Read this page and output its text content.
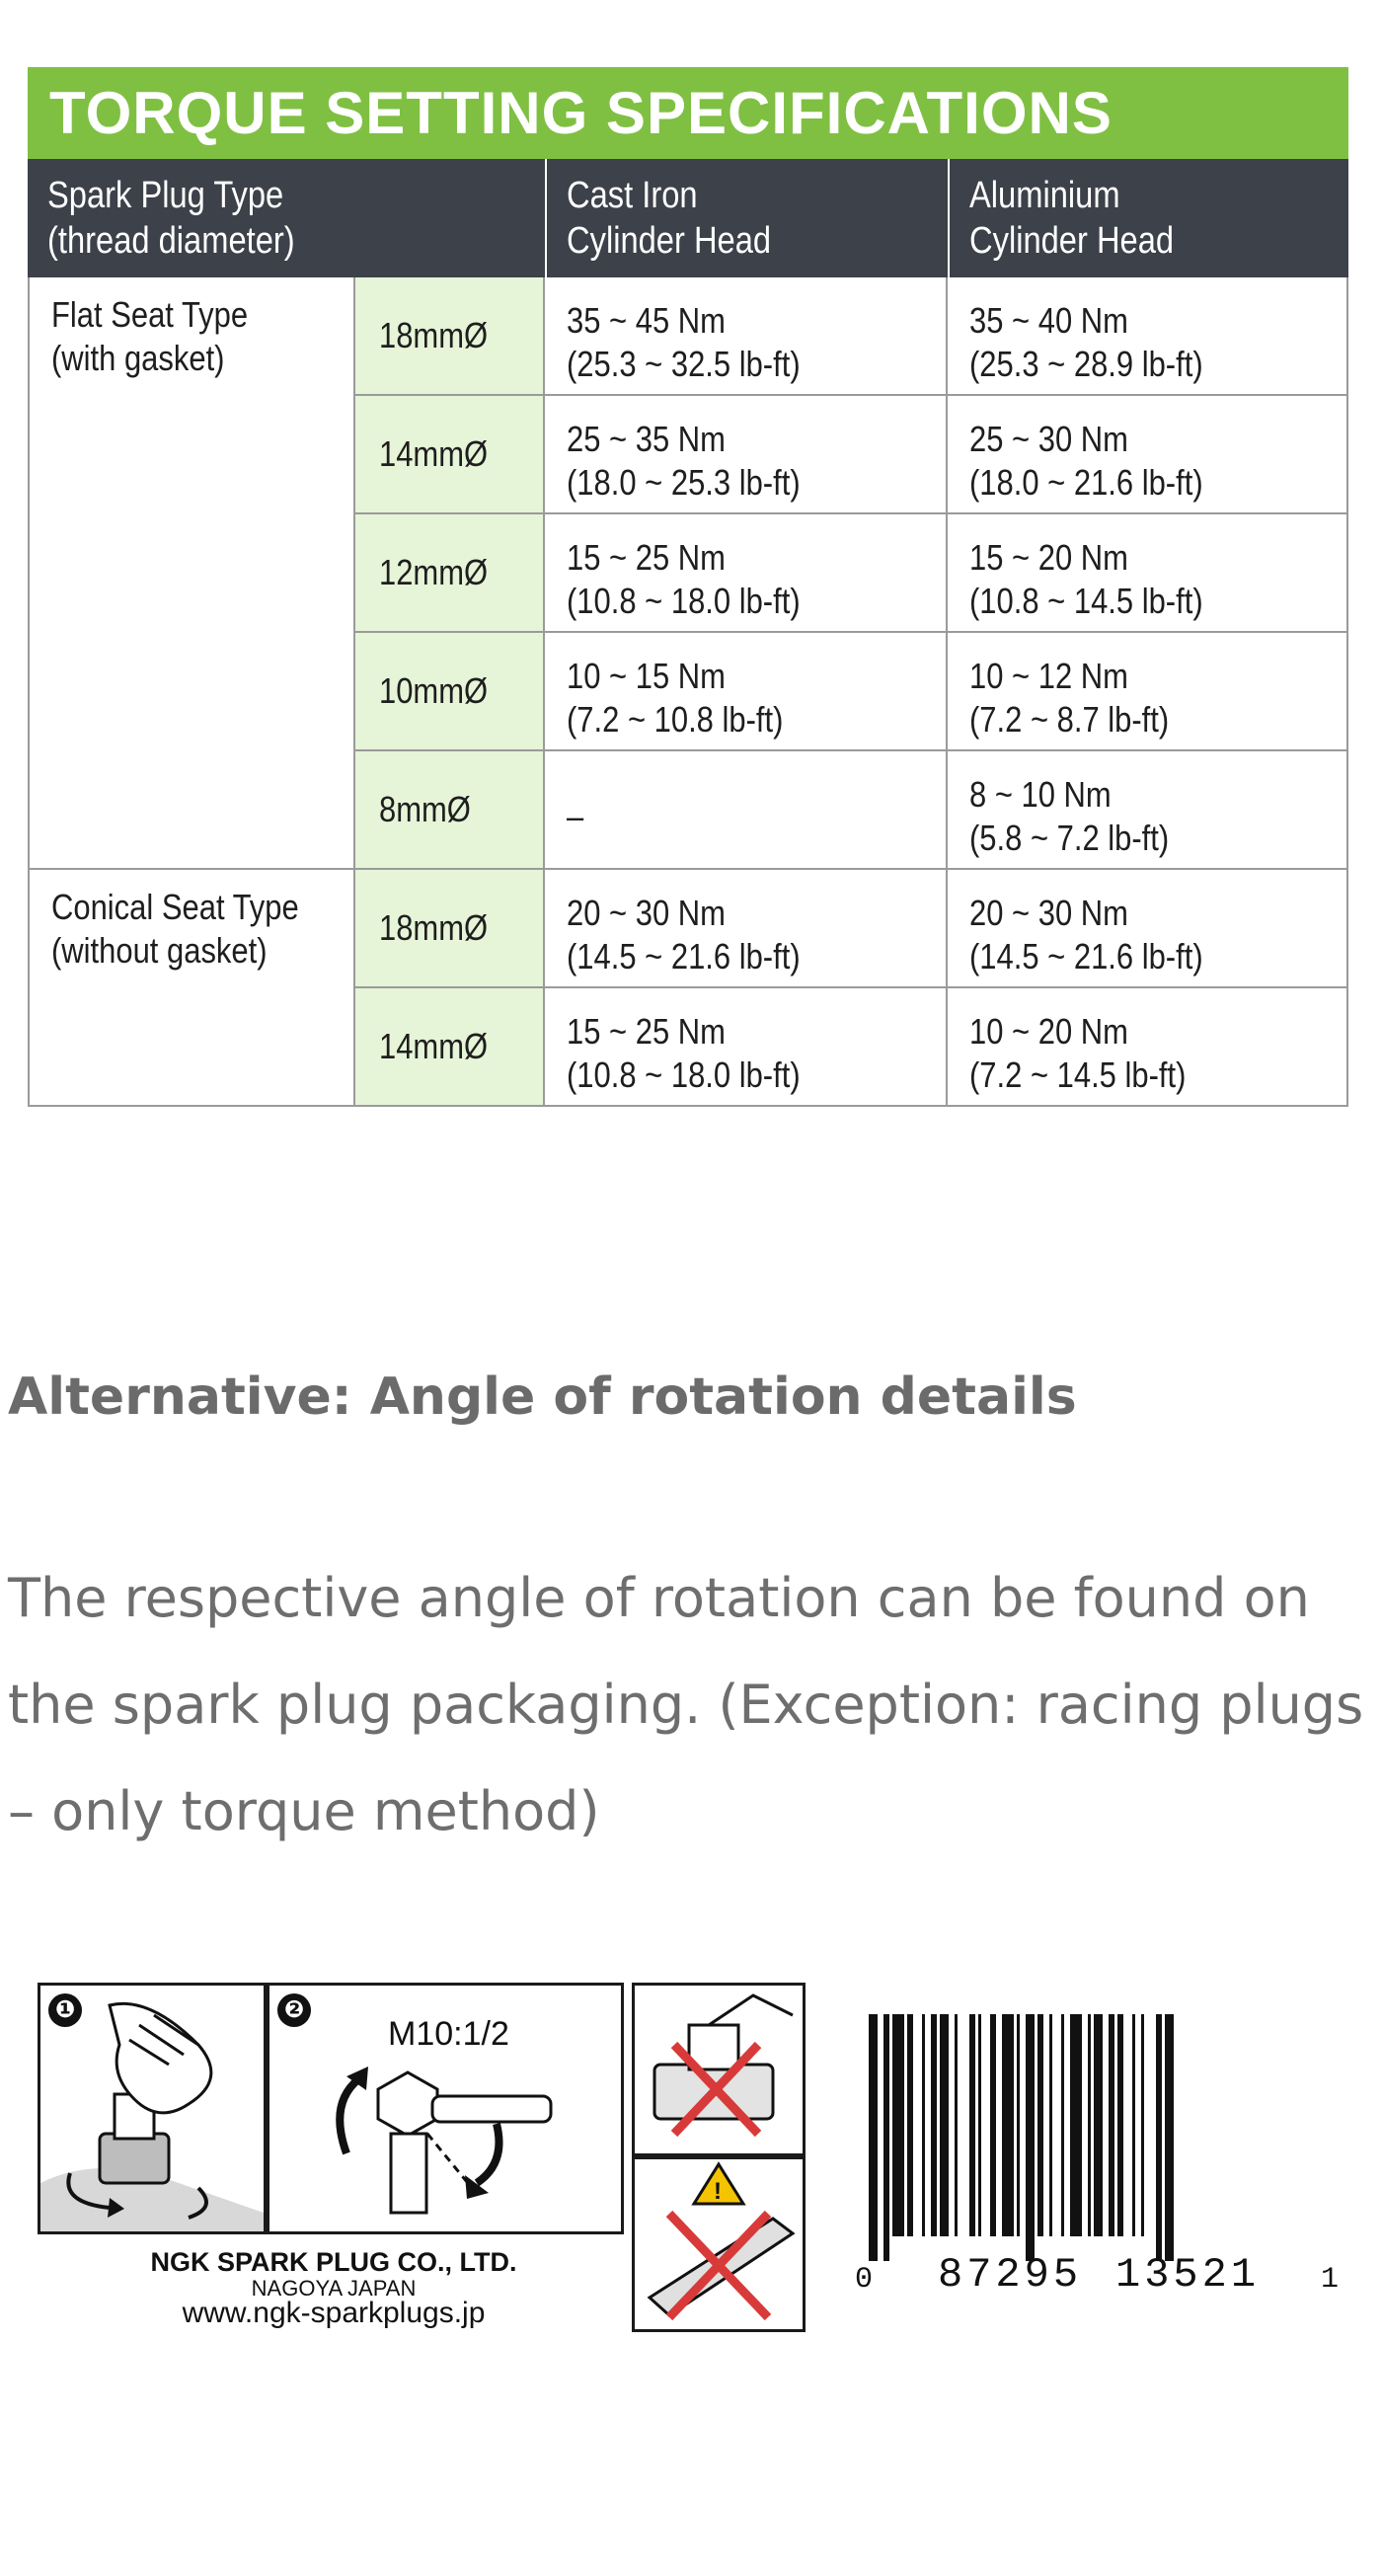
TORQUE SETTING SPECIFICATIONS
Spark Plug Type
(thread diameter)
Cast Iron
Cylinder Head
Aluminium
Cylinder Head
Flat Seat Type
(with gasket)
18mmØ 35 ~ 45 Nm
(25.3 ~ 32.5 lb-ft)
35 ~ 40 Nm
(25.3 ~ 28.9 lb-ft)
14mmØ 25 ~ 35 Nm
(18.0 ~ 25.3 lb-ft)
25 ~ 30 Nm
(18.0 ~ 21.6 lb-ft)
12mmØ 15 ~ 25 Nm
(10.8 ~ 18.0 lb-ft)
15 ~ 20 Nm
(10.8 ~ 14.5 lb-ft)
10mmØ 10 ~ 15 Nm
(7.2 ~ 10.8 lb-ft)
10 ~ 12 Nm
(7.2 ~ 8.7 lb-ft)
8mmØ	–
8 ~ 10 Nm
(5.8 ~ 7.2 lb-ft)
Conical Seat Type
(without gasket)
18mmØ 20 ~ 30 Nm
(14.5 ~ 21.6 lb-ft)
20 ~ 30 Nm
(14.5 ~ 21.6 lb-ft)
14mmØ 15 ~ 25 Nm
(10.8 ~ 18.0 lb-ft)
10 ~ 20 Nm
(7.2 ~ 14.5 lb-ft)
Alternative: Angle of rotation details

The respective angle of rotation can be found on the spark plug packaging. (Exception: racing plugs – only torque method)

❶	❷
M10:1/2
!
NGK SPARK PLUG CO., LTD.
NAGOYA JAPAN
www.ngk-sparkplugs.jp
0 87295 13521 1
